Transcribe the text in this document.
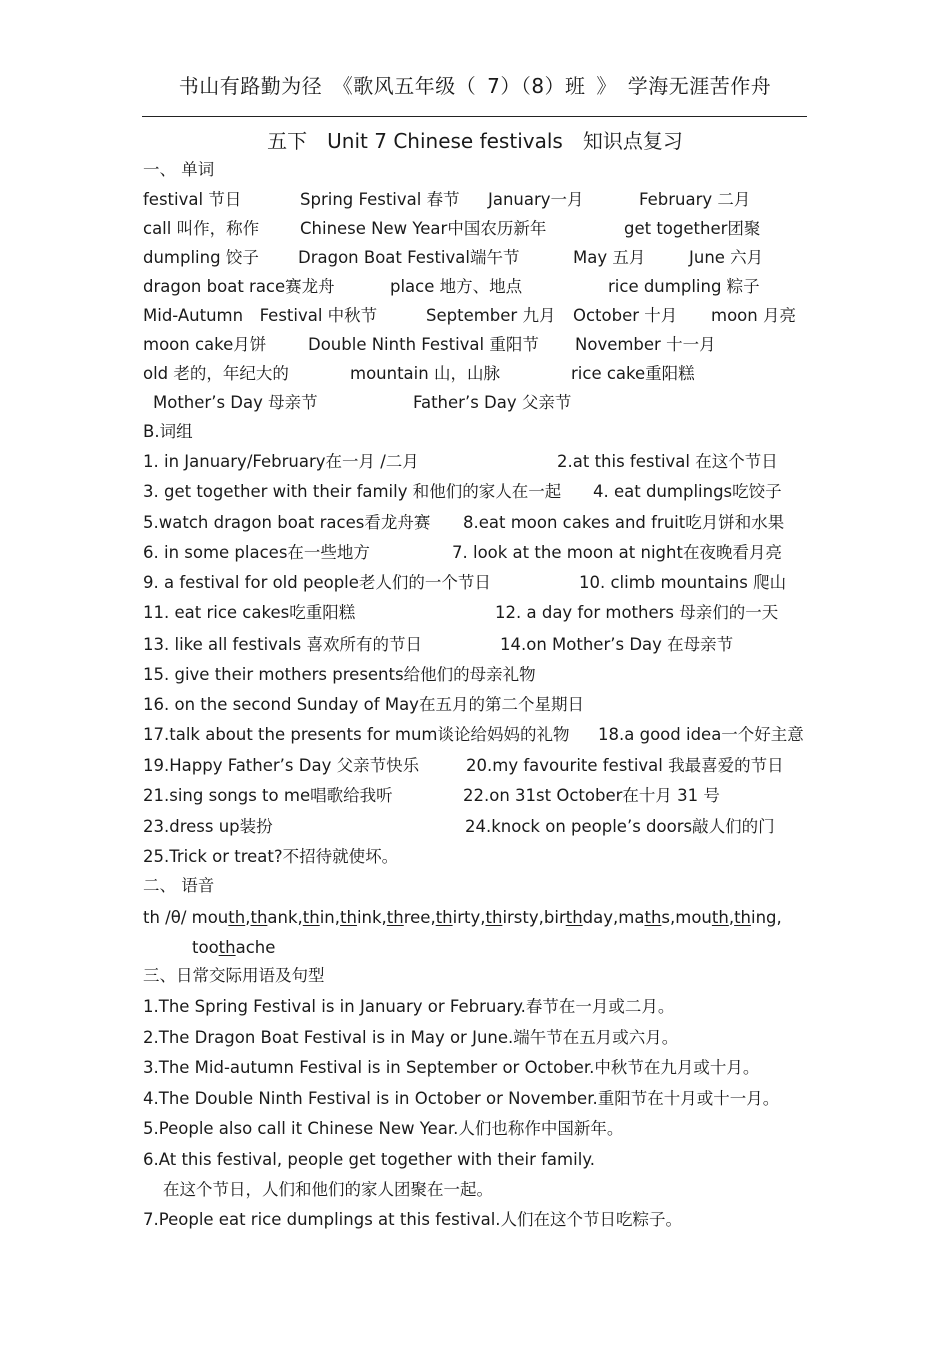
书山有路勤为径　《歌风五年级（ 7）（8）班 》 学海无涯苦作舟
五下　Unit 7 Chinese festivals　知识点复习
一、 单词
festival 节日	Spring Festival 春节 January一月	February 二月
call 叫作，称作 Chinese New Year中国农历新年	get together团聚
dumpling 饺子 Dragon Boat Festival端午节	May 五月	June 六月
dragon boat race赛龙舟	place 地方、地点	rice dumpling 粽子
Mid-Autumn　Festival 中秋节	September 九月 October 十月 moon 月亮
moon cake月饼	Double Ninth Festival 重阳节 November 十一月
old 老的，年纪大的	mountain 山，山脉	rice cake重阳糕
Mother’s Day 母亲节	Father’s Day 父亲节
B.词组
1. in January/February在一月 /二月	2.at this festival 在这个节日
3. get together with their family 和他们的家人在一起 4. eat dumplings吃饺子
5.watch dragon boat races看龙舟赛 8.eat moon cakes and fruit吃月饼和水果
6. in some places在一些地方	7. look at the moon at night在夜晚看月亮
9. a festival for old people老人们的一个节日	10. climb mountains 爬山
11. eat rice cakes吃重阳糕	12. a day for mothers 母亲们的一天
13. like all festivals 喜欢所有的节日	14.on Mother’s Day 在母亲节
15. give their mothers presents给他们的母亲礼物
16. on the second Sunday of May在五月的第二个星期日
17.talk about the presents for mum谈论给妈妈的礼物 18.a good idea一个好主意
19.Happy Father’s Day 父亲节快乐	20.my favourite festival 我最喜爱的节日
21.sing songs to me唱歌给我听	22.on 31st October在十月 31 号
23.dress up装扮	24.knock on people’s doors敲人们的门
25.Trick or treat?不招待就使坏。
二、 语音
th /θ/ mouth,thank,thin,think,three,thirty,thirsty,birthday,maths,mouth,thing,
toothache
三、日常交际用语及句型
1.The Spring Festival is in January or February.春节在一月或二月。
2.The Dragon Boat Festival is in May or June.端午节在五月或六月。
3.The Mid-autumn Festival is in September or October.中秋节在九月或十月。
4.The Double Ninth Festival is in October or November.重阳节在十月或十一月。
5.People also call it Chinese New Year.人们也称作中国新年。
6.At this festival, people get together with their family.
在这个节日，人们和他们的家人团聚在一起。
7.People eat rice dumplings at this festival.人们在这个节日吃粽子。
